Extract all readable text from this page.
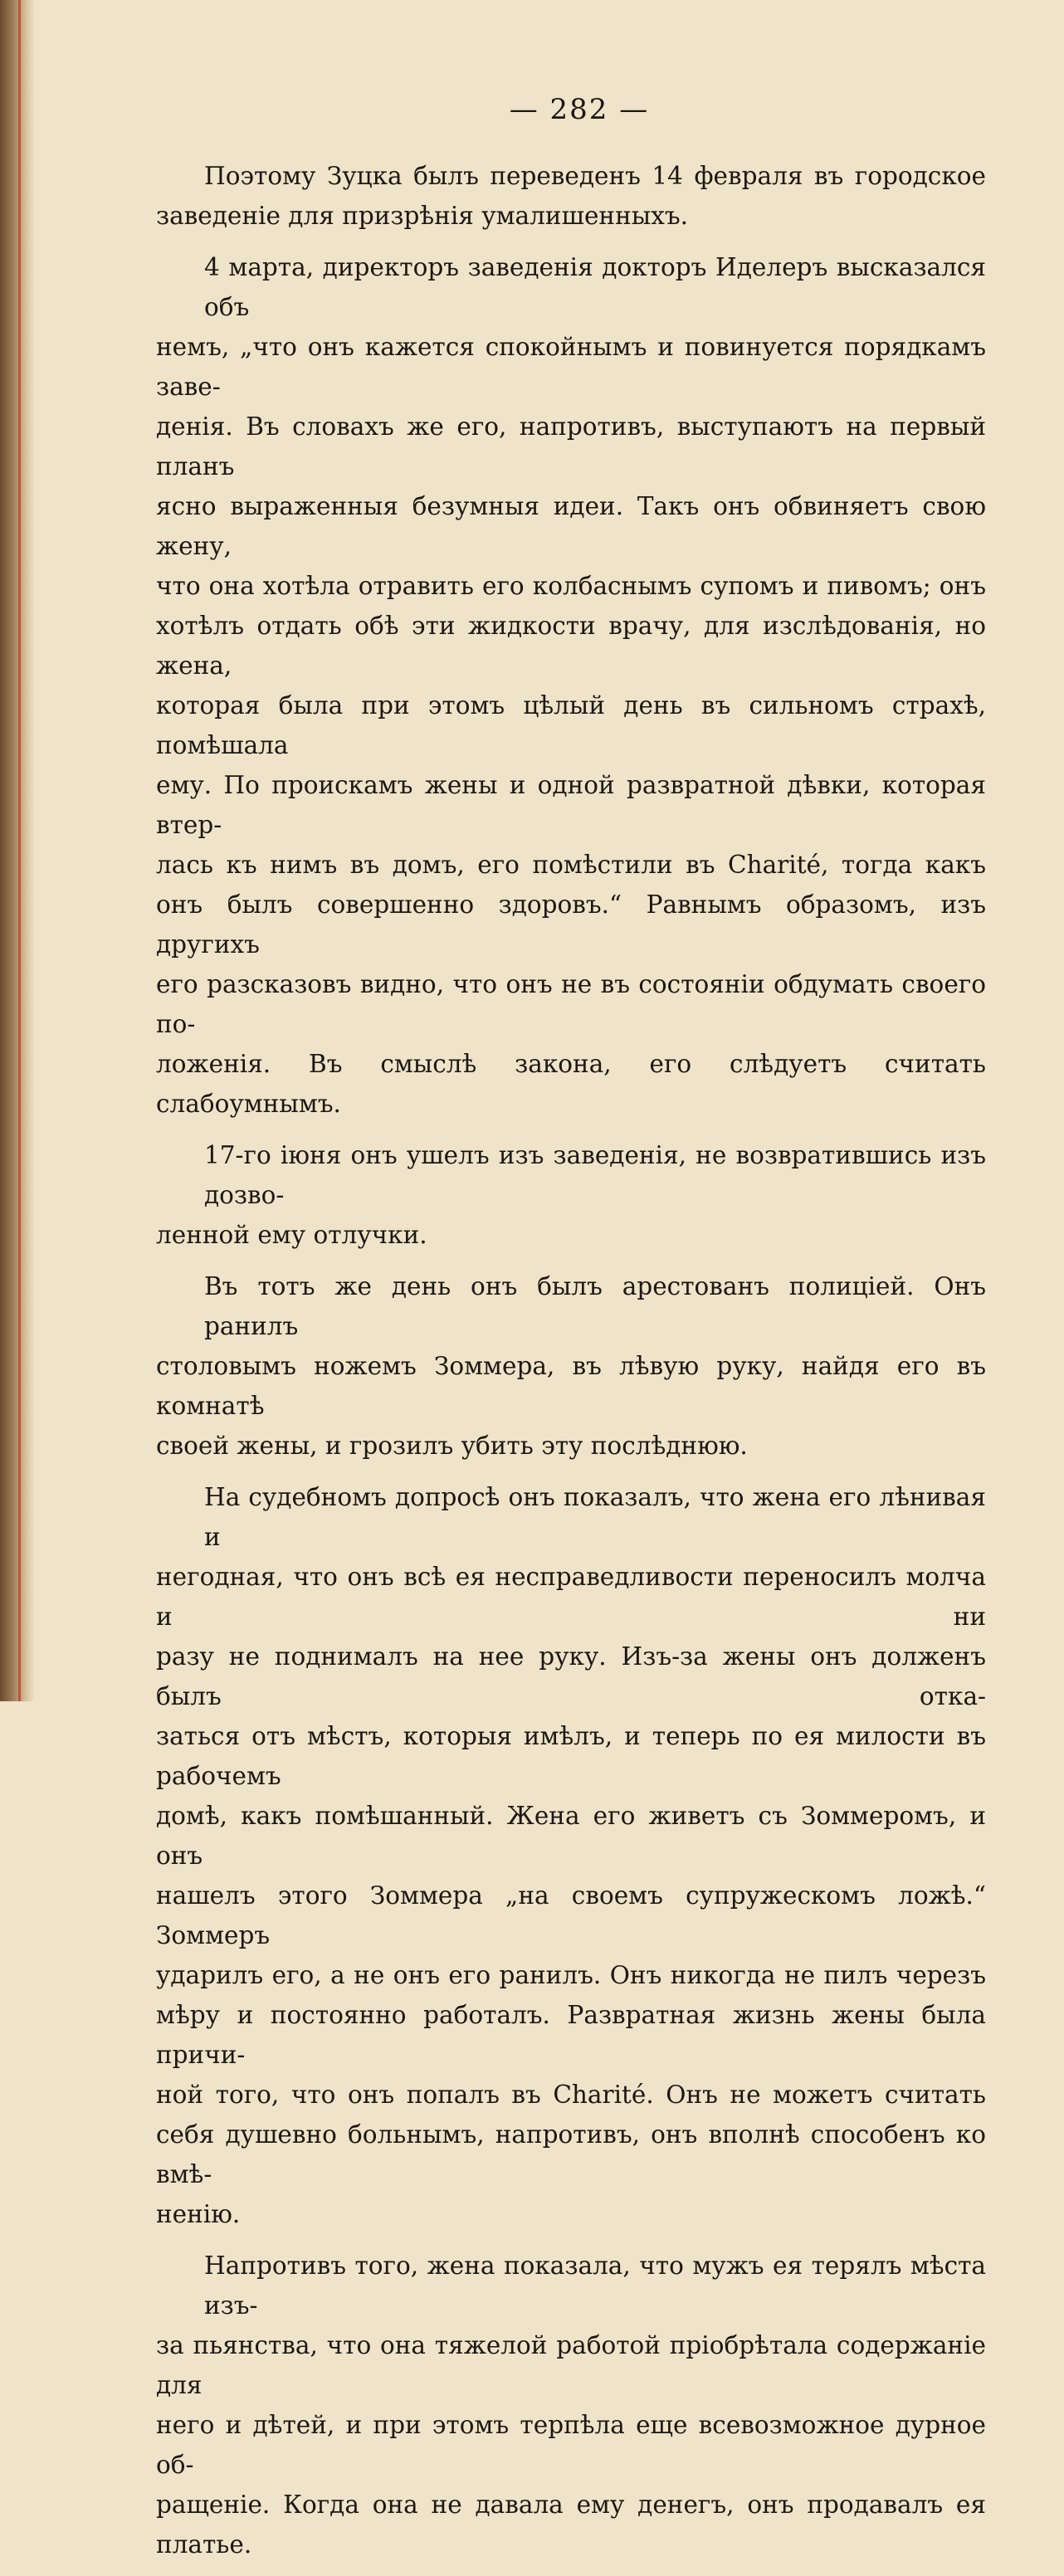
— 282 —
Поэтому Зуцка былъ переведенъ 14 февраля въ городское
заведеніе для призрѣнія умалишенныхъ.
4 марта, директоръ заведенія докторъ Иделеръ высказался объ
немъ, „что онъ кажется спокойнымъ и повинуется порядкамъ заве-
денія. Въ словахъ же его, напротивъ, выступаютъ на первый планъ
ясно выраженныя безумныя идеи. Такъ онъ обвиняетъ свою жену,
что она хотѣла отравить его колбаснымъ супомъ и пивомъ; онъ
хотѣлъ отдать обѣ эти жидкости врачу, для изслѣдованія, но жена,
которая была при этомъ цѣлый день въ сильномъ страхѣ, помѣшала
ему. По проискамъ жены и одной развратной дѣвки, которая втер-
лась къ нимъ въ домъ, его помѣстили въ Charité, тогда какъ
онъ былъ совершенно здоровъ.“ Равнымъ образомъ, изъ другихъ
его разсказовъ видно, что онъ не въ состояніи обдумать своего по-
ложенія. Въ смыслѣ закона, его слѣдуетъ считать слабоумнымъ.
17-го іюня онъ ушелъ изъ заведенія, не возвратившись изъ дозво-
ленной ему отлучки.
Въ тотъ же день онъ былъ арестованъ полиціей. Онъ ранилъ
столовымъ ножемъ Зоммера, въ лѣвую руку, найдя его въ комнатѣ
своей жены, и грозилъ убить эту послѣднюю.
На судебномъ допросѣ онъ показалъ, что жена его лѣнивая и
негодная, что онъ всѣ ея несправедливости переносилъ молча и ни
разу не поднималъ на нее руку. Изъ-за жены онъ долженъ былъ отка-
заться отъ мѣстъ, которыя имѣлъ, и теперь по ея милости въ рабочемъ
домѣ, какъ помѣшанный. Жена его живетъ съ Зоммеромъ, и онъ
нашелъ этого Зоммера „на своемъ супружескомъ ложѣ.“ Зоммеръ
ударилъ его, а не онъ его ранилъ. Онъ никогда не пилъ черезъ
мѣру и постоянно работалъ. Развратная жизнь жены была причи-
ной того, что онъ попалъ въ Charité. Онъ не можетъ считать
себя душевно больнымъ, напротивъ, онъ вполнѣ способенъ ко вмѣ-
ненію.
Напротивъ того, жена показала, что мужъ ея терялъ мѣста изъ-
за пьянства, что она тяжелой работой пріобрѣтала содержаніе для
него и дѣтей, и при этомъ терпѣла еще всевозможное дурное об-
ращеніе. Когда она не давала ему денегъ, онъ продавалъ ея платье.
